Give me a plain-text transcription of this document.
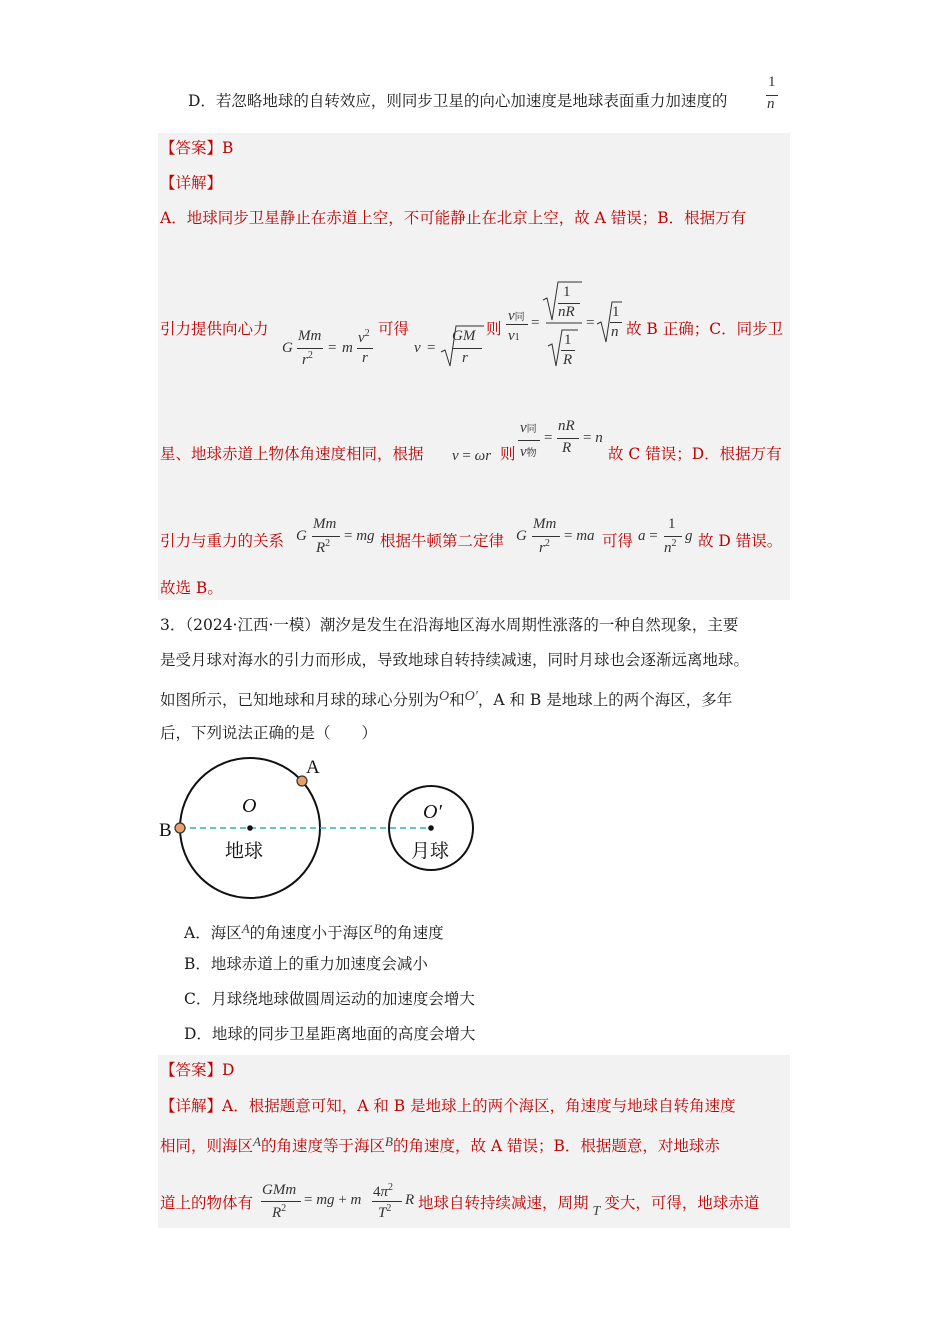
D．若忽略地球的自转效应，则同步卫星的向心加速度是地球表面重力加速度的
1
n
【答案】B
【详解】
A．地球同步卫星静止在赤道上空，不可能静止在北京上空，故 A 错误；B．根据万有
引力提供向心力
G
Mm
$r^2 = m$
$v^2$
r
可得
v =
GM
r
则
v同
v1
=
1
nR
1
R
=
1
n 故 B 正确；C．同步卫
星、地球赤道上物体角速度相同，根据 v = ωr 则
v同
v物
=
nR
R
= n
故 C 错误；D．根据万有
引力与重力的关系 G
Mm
$R^2$ = mg 根据牛顿第二定律 G
Mm
$r^2$ = ma 可得 a =
1
$n^2$ g 故 D 错误。
故选 B。
3．（2024·江西·一模）潮汐是发生在沿海地区海水周期性涨落的一种自然现象，主要
是受月球对海水的引力而形成，导致地球自转持续减速，同时月球也会逐渐远离地球。
如图所示，已知地球和月球的球心分别为O和O′，A 和 B 是地球上的两个海区，多年
后，下列说法正确的是（　　）
A
B
O	O′
地球	月球
A．海区$^A$的角速度小于海区$^B$的角速度
B．地球赤道上的重力加速度会减小
C．月球绕地球做圆周运动的加速度会增大
D．地球的同步卫星距离地面的高度会增大
【答案】D
【详解】A．根据题意可知，A 和 B 是地球上的两个海区，角速度与地球自转角速度
相同，则海区$^A$的角速度等于海区$^B$的角速度，故 A 错误；B．根据题意，对地球赤
道上的物体有
GMm
$R^2$
= mg + m $4\pi^2$
$T^2$
R 地球自转持续减速，周期 T 变大，可得，地球赤道
